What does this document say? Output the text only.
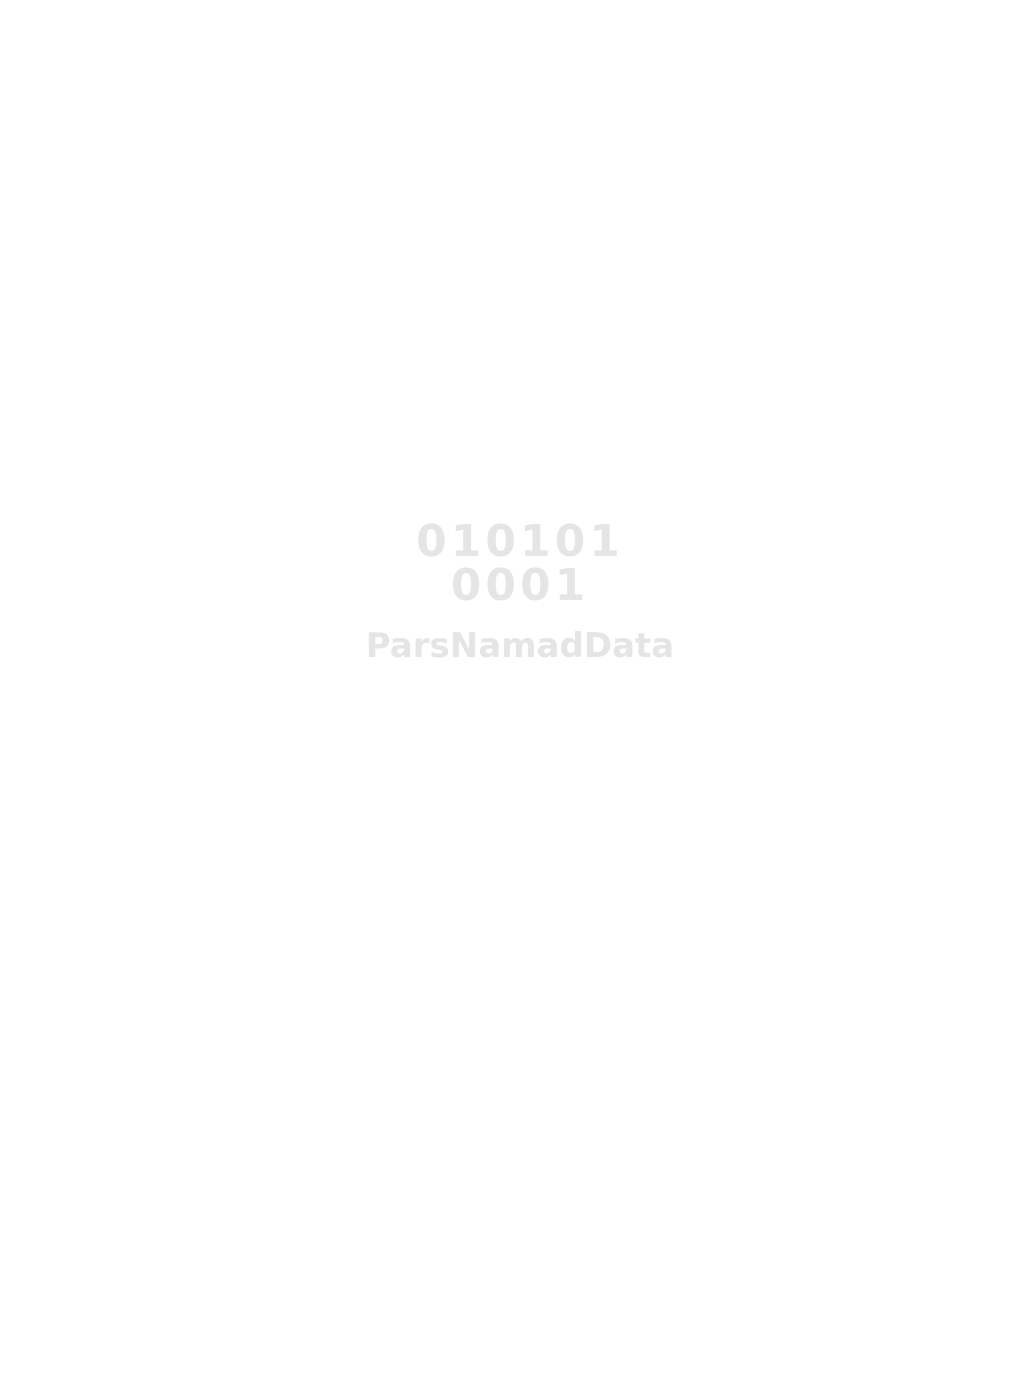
010101
0001
ParsNamadData
